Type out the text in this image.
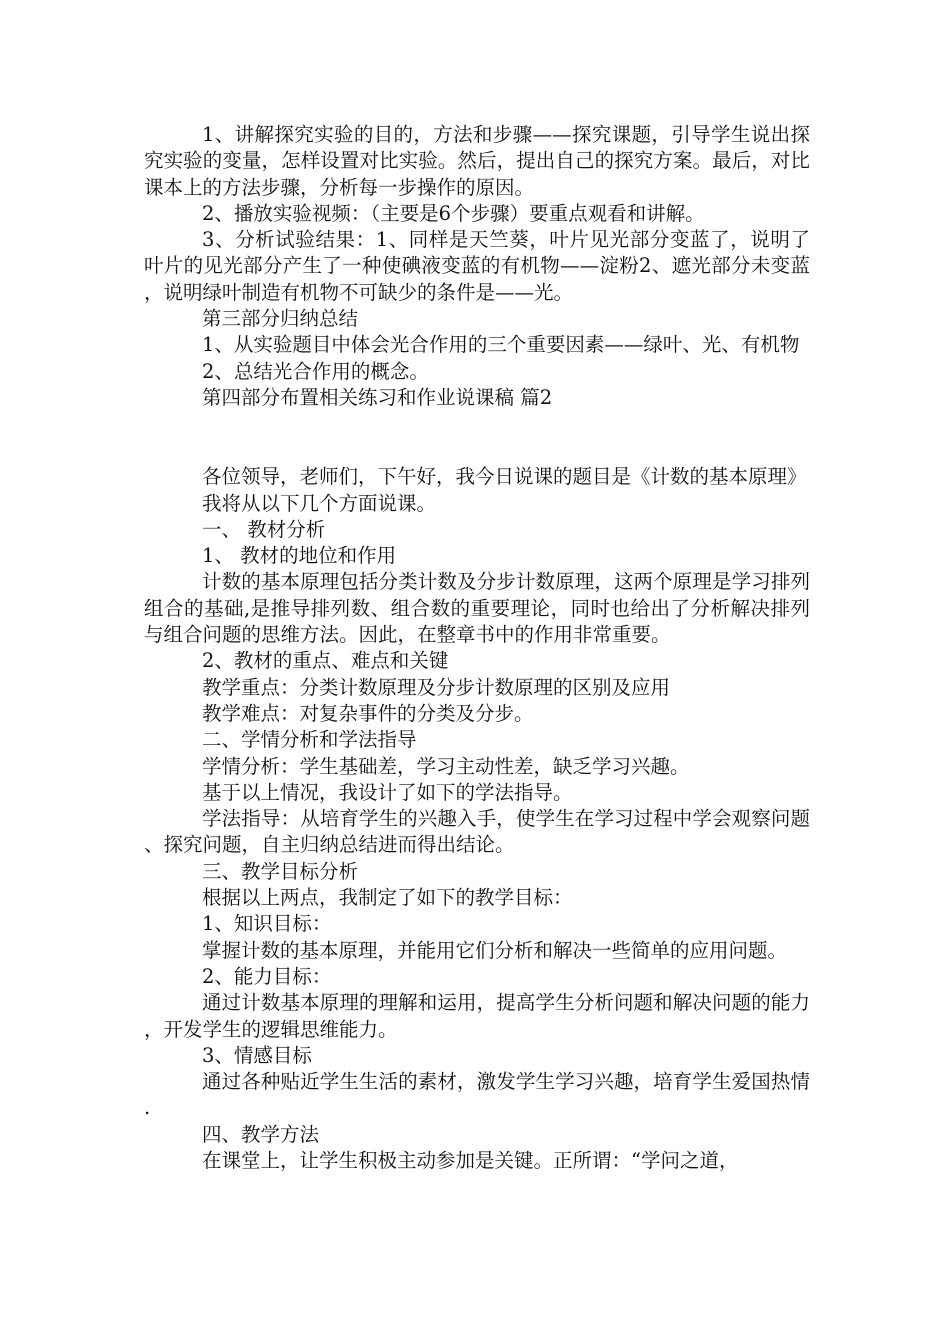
1、讲解探究实验的目的，方法和步骤——探究课题，引导学生说出探究实验的变量，怎样设置对比实验。然后，提出自己的探究方案。最后，对比课本上的方法步骤，分析每一步操作的原因。

2、播放实验视频：（主要是6个步骤）要重点观看和讲解。

3、分析试验结果：1、同样是天竺葵，叶片见光部分变蓝了，说明了叶片的见光部分产生了一种使碘液变蓝的有机物——淀粉2、遮光部分未变蓝，说明绿叶制造有机物不可缺少的条件是——光。

第三部分归纳总结

1、从实验题目中体会光合作用的三个重要因素——绿叶、光、有机物

2、总结光合作用的概念。

第四部分布置相关练习和作业说课稿 篇2

各位领导，老师们，下午好，我今日说课的题目是《计数的基本原理》

我将从以下几个方面说课。

一、 教材分析

1、 教材的地位和作用

计数的基本原理包括分类计数及分步计数原理，这两个原理是学习排列组合的基础,是推导排列数、组合数的重要理论，同时也给出了分析解决排列与组合问题的思维方法。因此，在整章书中的作用非常重要。

2、教材的重点、难点和关键

教学重点：分类计数原理及分步计数原理的区别及应用

教学难点：对复杂事件的分类及分步。

二、学情分析和学法指导

学情分析：学生基础差，学习主动性差，缺乏学习兴趣。

基于以上情况，我设计了如下的学法指导。

学法指导：从培育学生的兴趣入手，使学生在学习过程中学会观察问题、探究问题，自主归纳总结进而得出结论。

三、教学目标分析

根据以上两点，我制定了如下的教学目标：

1、知识目标：

掌握计数的基本原理，并能用它们分析和解决一些简单的应用问题。

2、能力目标：

通过计数基本原理的理解和运用，提高学生分析问题和解决问题的能力，开发学生的逻辑思维能力。

3、情感目标

通过各种贴近学生生活的素材，激发学生学习兴趣，培育学生爱国热情.

四、教学方法

在课堂上，让学生积极主动参加是关键。正所谓：“学问之道，
